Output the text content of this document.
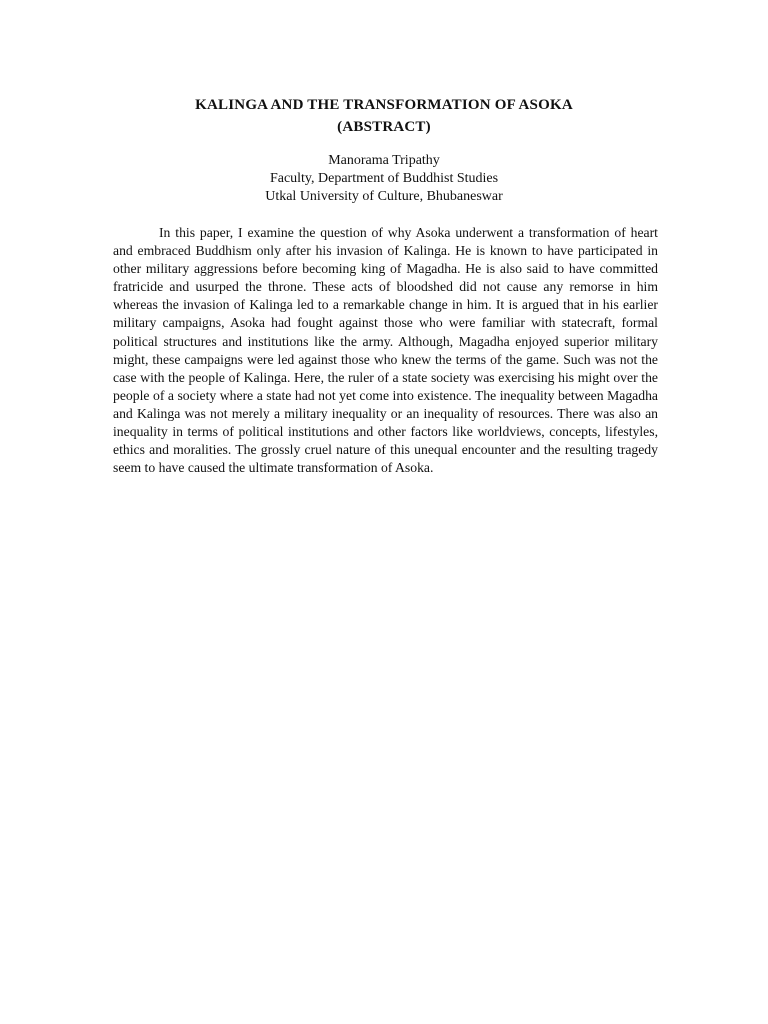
KALINGA AND THE TRANSFORMATION OF ASOKA
(ABSTRACT)
Manorama Tripathy
Faculty, Department of Buddhist Studies
Utkal University of Culture, Bhubaneswar

In this paper, I examine the question of why Asoka underwent a transformation of heart and embraced Buddhism only after his invasion of Kalinga. He is known to have participated in other military aggressions before becoming king of Magadha. He is also said to have committed fratricide and usurped the throne. These acts of bloodshed did not cause any remorse in him whereas the invasion of Kalinga led to a remarkable change in him. It is argued that in his earlier military campaigns, Asoka had fought against those who were familiar with statecraft, formal political structures and institutions like the army. Although, Magadha enjoyed superior military might, these campaigns were led against those who knew the terms of the game. Such was not the case with the people of Kalinga. Here, the ruler of a state society was exercising his might over the people of a society where a state had not yet come into existence. The inequality between Magadha and Kalinga was not merely a military inequality or an inequality of resources. There was also an inequality in terms of political institutions and other factors like worldviews, concepts, lifestyles, ethics and moralities. The grossly cruel nature of this unequal encounter and the resulting tragedy seem to have caused the ultimate transformation of Asoka.
